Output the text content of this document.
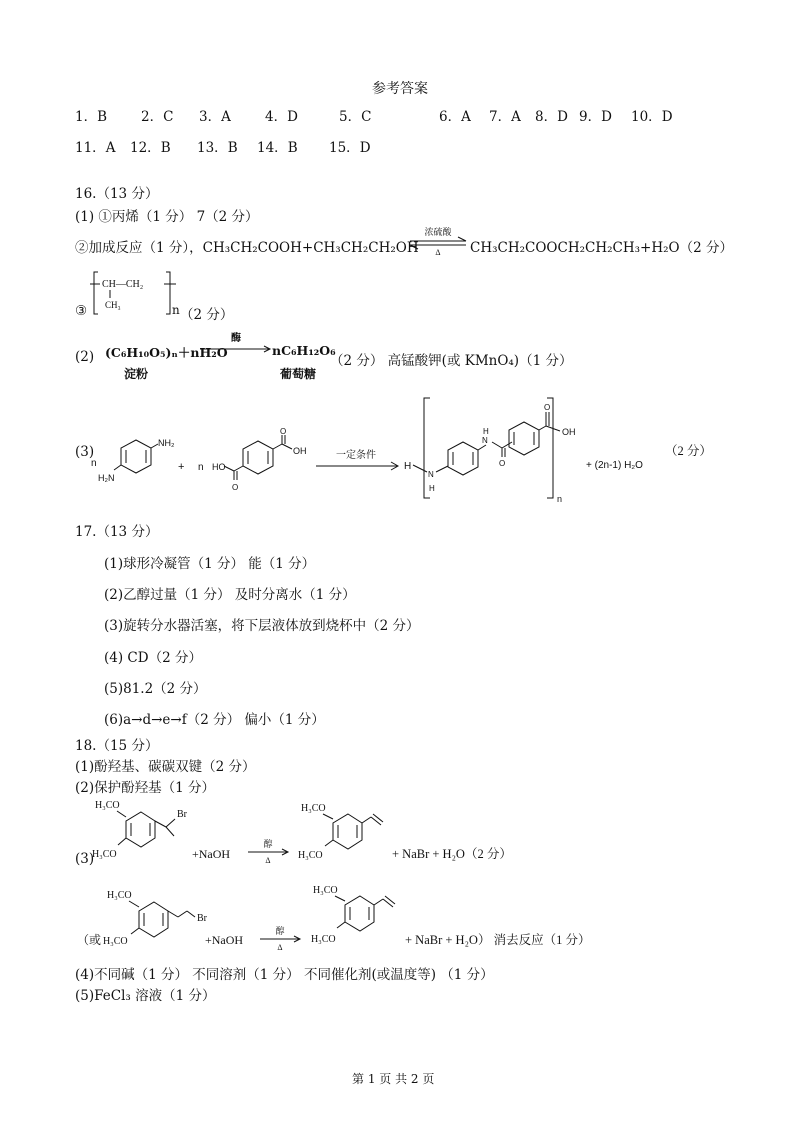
参考答案
1．B	2．C 3．A	4．D	5．C	6．A 7．A 8．D 9．D 10．D
11．A 12．B 13．B 14．B 15．D
16.（13 分）
(1) ①丙烯（1 分） 7（2 分）
②加成反应（1 分），CH₃CH₂COOH+CH₃CH₂CH₂OH
浓硫酸
Δ CH₃CH₂COOCH₂CH₂CH₃+H₂O（2 分）
③
CH—CH₂
CH₃	n （2 分）
(2) (C₆H₁₀O₅)ₙ＋nH₂O
淀粉
酶
nC₆H₁₂O₆
葡萄糖
（2 分） 高锰酸钾(或 KMnO₄)（1 分）
(3)
n
NH₂
H₂N
+ n
O
OH
O
HO
一定条件
n
H
N
H
N
H
O
O
OH
+ (2n-1) H₂O
（2 分）
17.（13 分）
(1)球形冷凝管（1 分） 能（1 分）
(2)乙醇过量（1 分） 及时分离水（1 分）
(3)旋转分水器活塞，将下层液体放到烧杯中（2 分）
(4) CD（2 分）
(5)81.2（2 分）
(6)a→d→e→f（2 分） 偏小（1 分）
18.（15 分）
(1)酚羟基、碳碳双键（2 分）
(2)保护酚羟基（1 分）
(3)
H₃CO
Br
H₃CO	+NaOH
醇
Δ
H₃CO
H₃CO	+ NaBr + H₂O（2 分）
H₃CO
Br
（或 H₃CO	+NaOH
醇
Δ
H₃CO
H₃CO	+ NaBr + H₂O） 消去反应（1 分）
(4)不同碱（1 分） 不同溶剂（1 分） 不同催化剂(或温度等) （1 分）
(5)FeCl₃ 溶液（1 分）
第 1 页 共 2 页
